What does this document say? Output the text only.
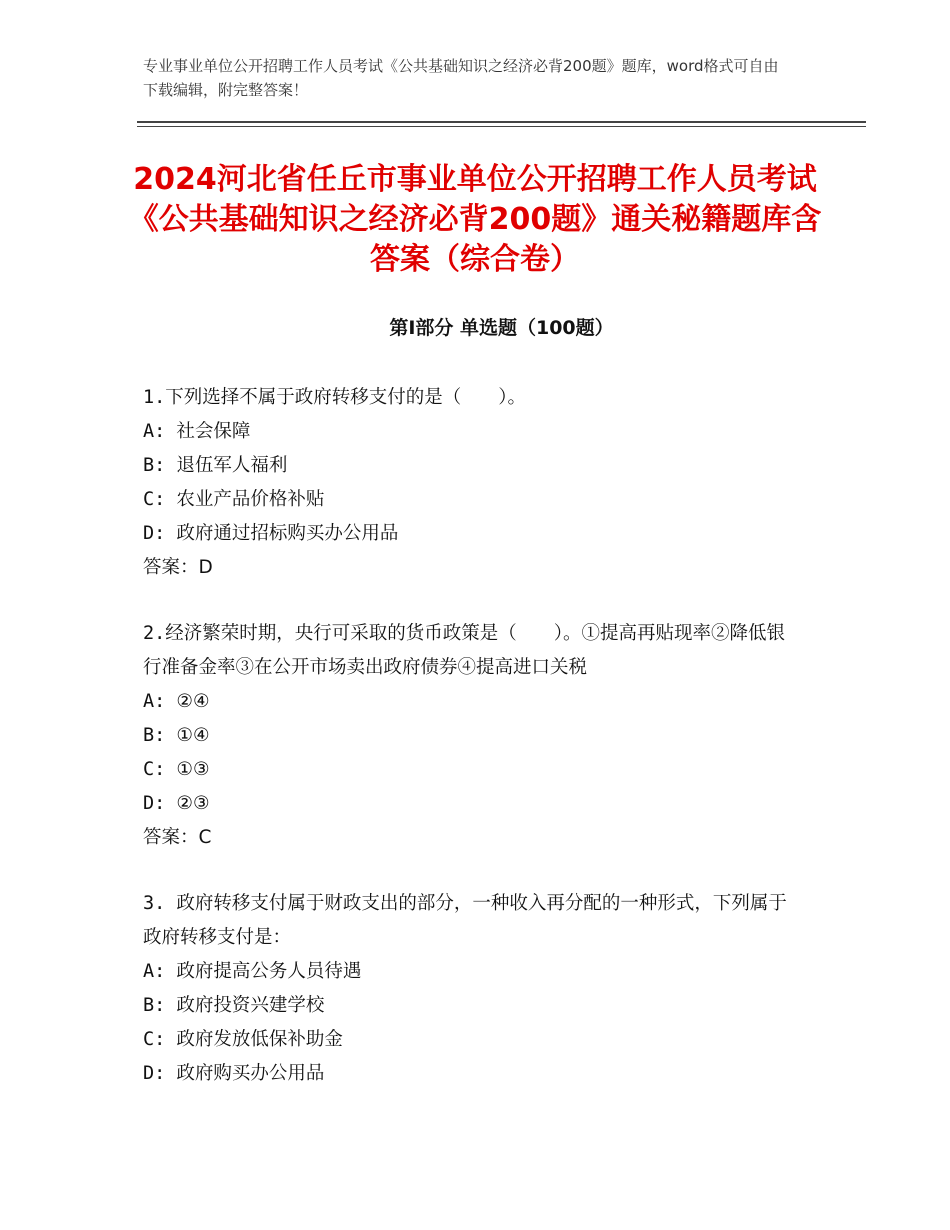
专业事业单位公开招聘工作人员考试《公共基础知识之经济必背200题》题库，word格式可自由下载编辑，附完整答案！
2024河北省任丘市事业单位公开招聘工作人员考试《公共基础知识之经济必背200题》通关秘籍题库含答案（综合卷）
第Ⅰ部分 单选题（100题）

1.下列选择不属于政府转移支付的是（　　）。

A: 社会保障

B: 退伍军人福利

C: 农业产品价格补贴

D: 政府通过招标购买办公用品

答案：D

2.经济繁荣时期，央行可采取的货币政策是（　　）。①提高再贴现率②降低银行准备金率③在公开市场卖出政府债券④提高进口关税

A: ②④

B: ①④

C: ①③

D: ②③

答案：C

3. 政府转移支付属于财政支出的部分，一种收入再分配的一种形式，下列属于政府转移支付是：

A: 政府提高公务人员待遇

B: 政府投资兴建学校

C: 政府发放低保补助金

D: 政府购买办公用品
